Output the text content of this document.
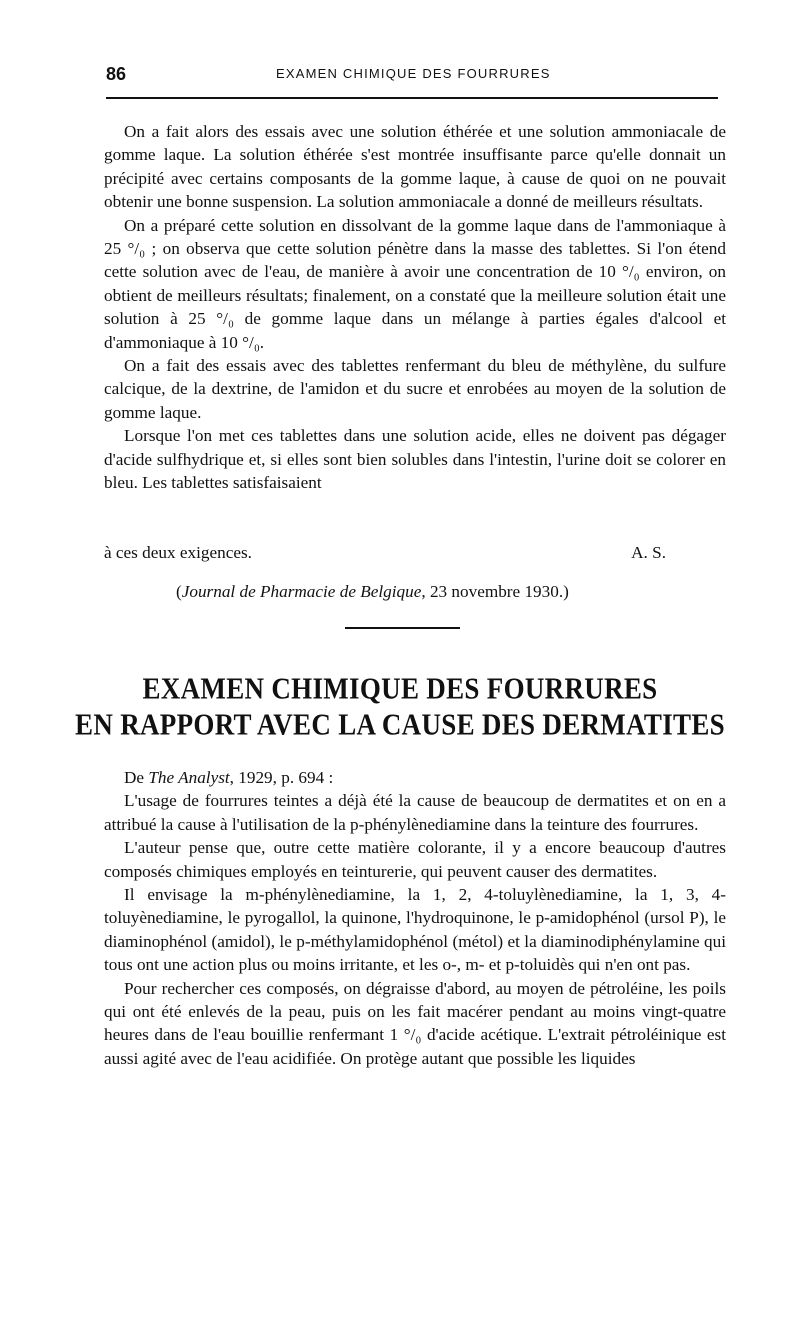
86	EXAMEN CHIMIQUE DES FOURRURES

On a fait alors des essais avec une solution éthérée et une solution ammoniacale de gomme laque. La solution éthérée s'est montrée insuffisante parce qu'elle donnait un précipité avec certains composants de la gomme laque, à cause de quoi on ne pouvait obtenir une bonne suspension. La solution ammoniacale a donné de meilleurs résultats.

On a préparé cette solution en dissolvant de la gomme laque dans de l'ammoniaque à 25 °/₀ ; on observa que cette solution pénètre dans la masse des tablettes. Si l'on étend cette solution avec de l'eau, de manière à avoir une concentration de 10 °/₀ environ, on obtient de meilleurs résultats; finalement, on a constaté que la meilleure solution était une solution à 25 °/₀ de gomme laque dans un mélange à parties égales d'alcool et d'ammoniaque à 10 °/₀.

On a fait des essais avec des tablettes renfermant du bleu de méthylène, du sulfure calcique, de la dextrine, de l'amidon et du sucre et enrobées au moyen de la solution de gomme laque.

Lorsque l'on met ces tablettes dans une solution acide, elles ne doivent pas dégager d'acide sulfhydrique et, si elles sont bien solubles dans l'intestin, l'urine doit se colorer en bleu. Les tablettes satisfaisaient

à ces deux exigences.	A. S.
(Journal de Pharmacie de Belgique, 23 novembre 1930.)
EXAMEN CHIMIQUE DES FOURRURES
EN RAPPORT AVEC LA CAUSE DES DERMATITES

De The Analyst, 1929, p. 694 :

L'usage de fourrures teintes a déjà été la cause de beaucoup de dermatites et on en a attribué la cause à l'utilisation de la p-phénylènediamine dans la teinture des fourrures.

L'auteur pense que, outre cette matière colorante, il y a encore beaucoup d'autres composés chimiques employés en teinturerie, qui peuvent causer des dermatites.

Il envisage la m-phénylènediamine, la 1, 2, 4-toluylènediamine, la 1, 3, 4-toluyènediamine, le pyrogallol, la quinone, l'hydroquinone, le p-amidophénol (ursol P), le diaminophénol (amidol), le p-méthylamidophénol (métol) et la diaminodiphénylamine qui tous ont une action plus ou moins irritante, et les o-, m- et p-toluidès qui n'en ont pas.

Pour rechercher ces composés, on dégraisse d'abord, au moyen de pétroléine, les poils qui ont été enlevés de la peau, puis on les fait macérer pendant au moins vingt-quatre heures dans de l'eau bouillie renfermant 1 °/₀ d'acide acétique. L'extrait pétroléinique est aussi agité avec de l'eau acidifiée. On protège autant que possible les liquides
